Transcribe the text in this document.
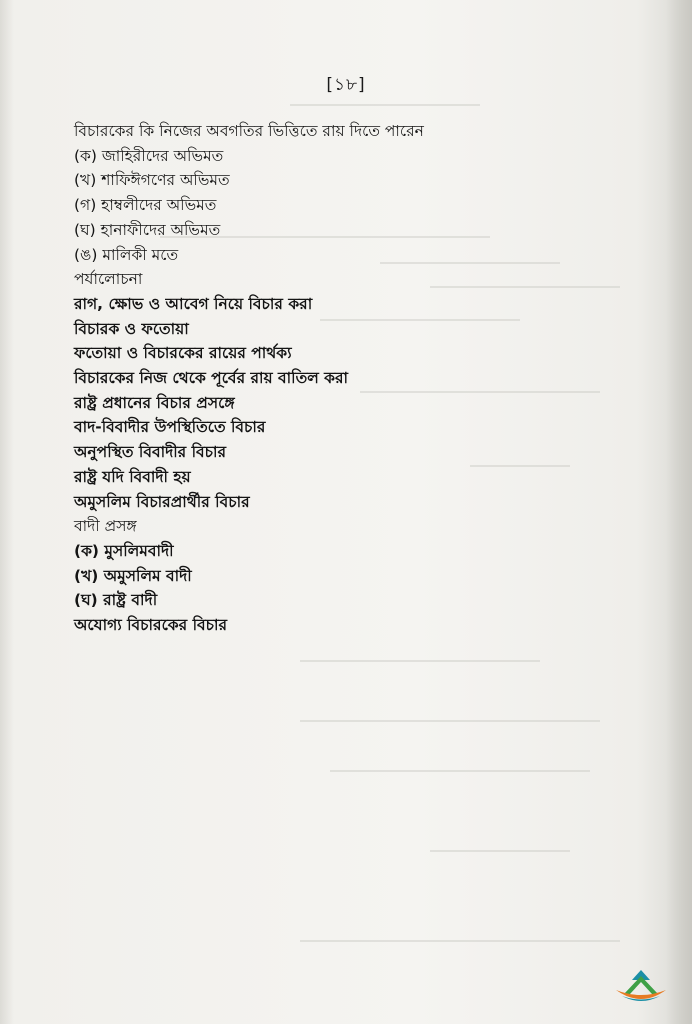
[১৮]
বিচারকের কি নিজের অবগতির ভিত্তিতে রায় দিতে পারেন
(ক) জাহিরীদের অভিমত
(খ) শাফিঈগণের অভিমত
(গ) হাম্বলীদের অভিমত
(ঘ) হানাফীদের অভিমত
(ঙ) মালিকী মতে
পর্যালোচনা
রাগ, ক্ষোভ ও আবেগ নিয়ে বিচার করা
বিচারক ও ফতোয়া
ফতোয়া ও বিচারকের রায়ের পার্থক্য
বিচারকের নিজ থেকে পূর্বের রায় বাতিল করা
রাষ্ট্র প্রধানের বিচার প্রসঙ্গে
বাদ-বিবাদীর উপস্থিতিতে বিচার
অনুপস্থিত বিবাদীর বিচার
রাষ্ট্র যদি বিবাদী হয়
অমুসলিম বিচারপ্রার্থীর বিচার
বাদী প্রসঙ্গ
(ক) মুসলিমবাদী
(খ) অমুসলিম বাদী
(ঘ) রাষ্ট্র বাদী
অযোগ্য বিচারকের বিচার
